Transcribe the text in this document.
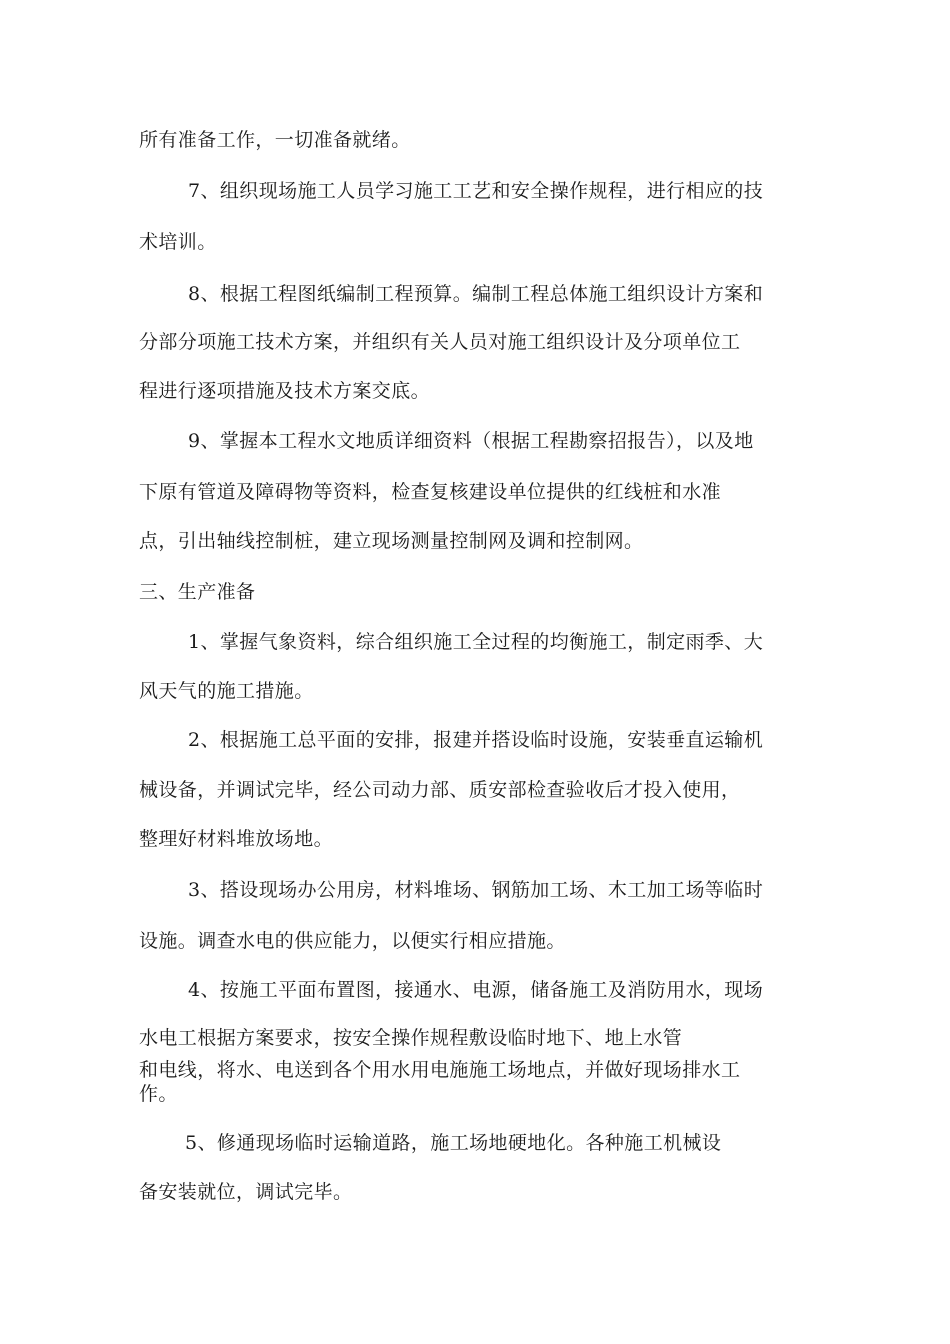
所有准备工作，一切准备就绪。
7、组织现场施工人员学习施工工艺和安全操作规程，进行相应的技
术培训。
8、根据工程图纸编制工程预算。编制工程总体施工组织设计方案和
分部分项施工技术方案，并组织有关人员对施工组织设计及分项单位工
程进行逐项措施及技术方案交底。
9、掌握本工程水文地质详细资料（根据工程勘察招报告），以及地
下原有管道及障碍物等资料，检查复核建设单位提供的红线桩和水准
点，引出轴线控制桩，建立现场测量控制网及调和控制网。
三、生产准备
1、掌握气象资料，综合组织施工全过程的均衡施工，制定雨季、大
风天气的施工措施。
2、根据施工总平面的安排，报建并搭设临时设施，安装垂直运输机
械设备，并调试完毕，经公司动力部、质安部检查验收后才投入使用，
整理好材料堆放场地。
3、搭设现场办公用房，材料堆场、钢筋加工场、木工加工场等临时
设施。调查水电的供应能力，以便实行相应措施。
4、按施工平面布置图，接通水、电源，储备施工及消防用水，现场
水电工根据方案要求，按安全操作规程敷设临时地下、地上水管
和电线，将水、电送到各个用水用电施施工场地点，并做好现场排水工
作。
5、修通现场临时运输道路，施工场地硬地化。各种施工机械设
备安装就位，调试完毕。
